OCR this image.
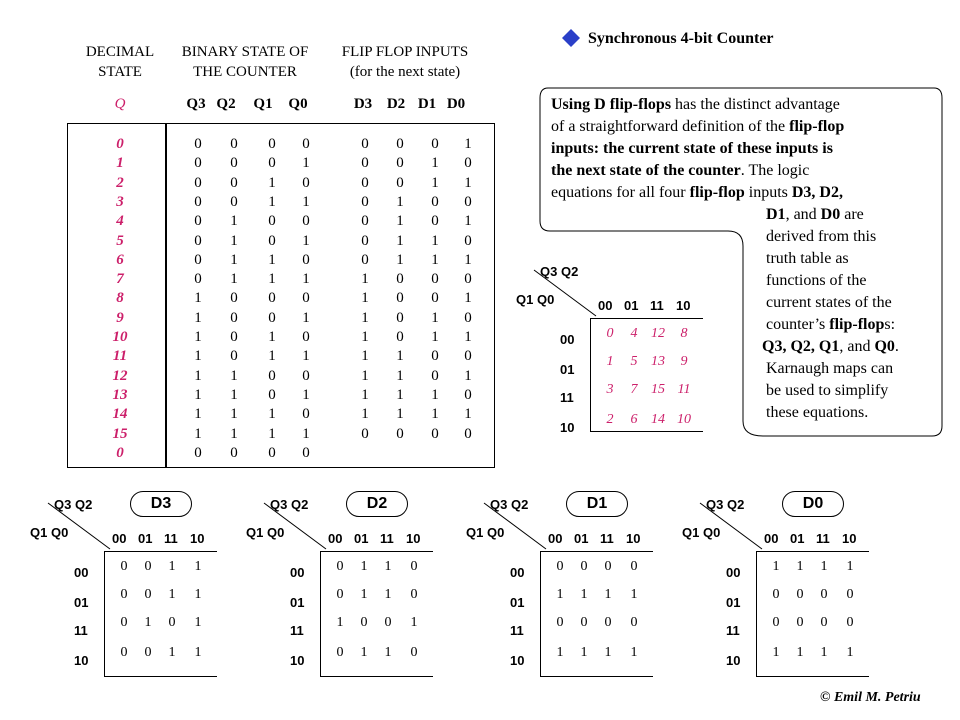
Synchronous 4-bit Counter
DECIMAL
STATE
BINARY STATE OF
THE COUNTER
FLIP FLOP INPUTS
(for the next state)
Q	Q3 Q2	Q1	Q0	D3 D2 D1 D0
0	0	0	0	0	0	0	0	1
1	0	0	0	1	0	0	1	0
2	0	0	1	0	0	0	1	1
3	0	0	1	1	0	1	0	0
4	0	1	0	0	0	1	0	1
5	0	1	0	1	0	1	1	0
6	0	1	1	0	0	1	1	1
7	0	1	1	1	1	0	0	0
8	1	0	0	0	1	0	0	1
9	1	0	0	1	1	0	1	0
10	1	0	1	0	1	0	1	1
11	1	0	1	1	1	1	0	0
12	1	1	0	0	1	1	0	1
13	1	1	0	1	1	1	1	0
14	1	1	1	0	1	1	1	1
15	1	1	1	1	0	0	0	0
0	0	0	0	0
Using D flip-flops has the distinct advantage
of a straightforward definition of the flip-flop
inputs: the current state of these inputs is
the next state of the counter. The logic
equations for all four flip-flop inputs D3, D2,
D1, and D0 are
derived from this
truth table as
functions of the
current states of the
counter’s flip-flops:
Q3, Q2, Q1, and Q0.
Karnaugh maps can
be used to simplify
these equations.
Q3 Q2
Q1 Q0	00 01 11 10
00
01
11
10
0	4 12	8
1	5 13	9
3	7 15 11
2	6 14 10
Q3 Q2
Q1 Q0	00 01 11 10
00
01
11
10
0	0	1	1
0	0	1	1
0	1	0	1
0	0	1	1
D3	Q3 Q2
Q1 Q0	00 01 11 10
00
01
11
10
0	1	1	0
0	1	1	0
1	0	0	1
0	1	1	0
D2	Q3 Q2
Q1 Q0	00 01 11 10
00
01
11
10
0	0	0	0
1	1	1	1
0	0	0	0
1	1	1	1
D1	Q3 Q2
Q1 Q0	00 01 11 10
00
01
11
10
1	1	1	1
0	0	0	0
0	0	0	0
1	1	1	1
D0
© Emil M. Petriu
